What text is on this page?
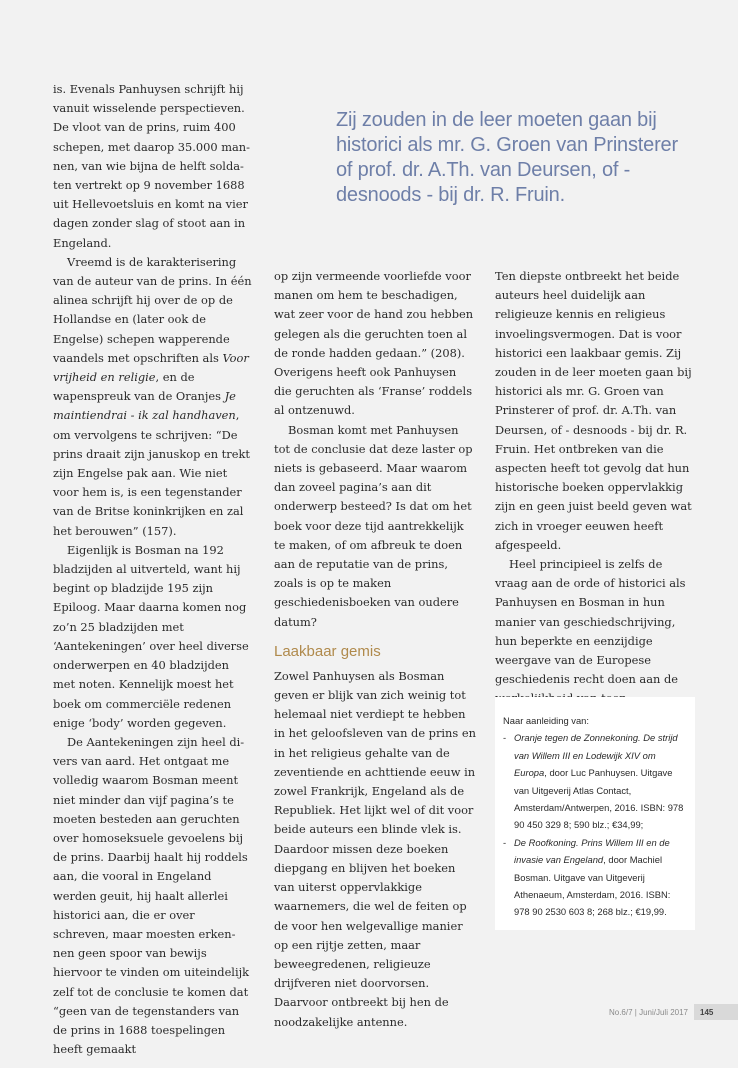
is. Evenals Panhuysen schrijft hij vanuit wisselende perspectieven. De vloot van de prins, ruim 400 schepen, met daarop 35.000 mannen, van wie bijna de helft soldaten vertrekt op 9 november 1688 uit Hellevoetsluis en komt na vier dagen zonder slag of stoot aan in Engeland.

Vreemd is de karakterisering van de auteur van de prins. In één alinea schrijft hij over de op de Hollandse en (later ook de Engelse) schepen wapperende vaandels met opschriften als Voor vrijheid en religie, en de wapenspreuk van de Oranjes Je maintiendrai - ik zal handhaven, om vervolgens te schrijven: “De prins draait zijn januskop en trekt zijn Engelse pak aan. Wie niet voor hem is, is een tegenstander van de Britse koninkrijken en zal het berouwen” (157).

Eigenlijk is Bosman na 192 bladzijden al uitverteld, want hij begint op bladzijde 195 zijn Epiloog. Maar daarna komen nog zo’n 25 bladzijden met ‘Aantekeningen’ over heel diverse onderwerpen en 40 bladzijden met noten. Kennelijk moest het boek om commerciële redenen enige ‘body’ worden gegeven.

De Aantekeningen zijn heel divers van aard. Het ontgaat me volledig waarom Bosman meent niet minder dan vijf pagina’s te moeten besteden aan geruchten over homoseksuele gevoelens bij de prins. Daarbij haalt hij roddels aan, die vooral in Engeland werden geuit, hij haalt allerlei historici aan, die er over schreven, maar moesten erkennen geen spoor van bewijs hiervoor te vinden om uiteindelijk zelf tot de conclusie te komen dat “geen van de tegenstanders van de prins in 1688 toespelingen heeft gemaakt

Zij zouden in de leer moeten gaan bij historici als mr. G. Groen van Prinsterer of prof. dr. A.Th. van Deursen, of - desnoods - bij dr. R. Fruin.

op zijn vermeende voorliefde voor manen om hem te beschadigen, wat zeer voor de hand zou hebben gelegen als die geruchten toen al de ronde hadden gedaan.” (208). Overigens heeft ook Panhuysen die geruchten als ‘Franse’ roddels al ontzenuwd.

Bosman komt met Panhuysen tot de conclusie dat deze laster op niets is gebaseerd. Maar waarom dan zoveel pagina’s aan dit onderwerp besteed? Is dat om het boek voor deze tijd aantrekkelijk te maken, of om afbreuk te doen aan de reputatie van de prins, zoals is op te maken geschiedenisboeken van oudere datum?

Laakbaar gemis

Zowel Panhuysen als Bosman geven er blijk van zich weinig tot helemaal niet verdiept te hebben in het geloofsleven van de prins en in het religieus gehalte van de zeventiende en achttiende eeuw in zowel Frankrijk, Engeland als de Republiek. Het lijkt wel of dit voor beide auteurs een blinde vlek is. Daardoor missen deze boeken diepgang en blijven het boeken van uiterst oppervlakkige waarnemers, die wel de feiten op de voor hen welgevallige manier op een rijtje zetten, maar beweegredenen, religieuze drijfveren niet doorvorsen. Daarvoor ontbreekt bij hen de noodzakelijke antenne.

Ten diepste ontbreekt het beide auteurs heel duidelijk aan religieuze kennis en religieus invoelingsvermogen. Dat is voor historici een laakbaar gemis. Zij zouden in de leer moeten gaan bij historici als mr. G. Groen van Prinsterer of prof. dr. A.Th. van Deursen, of - desnoods - bij dr. R. Fruin. Het ontbreken van die aspecten heeft tot gevolg dat hun historische boeken oppervlakkig zijn en geen juist beeld geven wat zich in vroeger eeuwen heeft afgespeeld.

Heel principieel is zelfs de vraag aan de orde of historici als Panhuysen en Bosman in hun manier van geschiedschrijving, hun beperkte en eenzijdige weergave van de Europese geschiedenis recht doen aan de

Naar aanleiding van:
- Oranje tegen de Zonnekoning. De strijd van Willem III en Lodewijk XIV om Europa, door Luc Panhuysen. Uitgave van Uitgeverij Atlas Contact, Amsterdam/Antwerpen, 2016. ISBN: 978 90 450 329 8; 590 blz.; €34,99;
- De Roofkoning. Prins Willem III en de invasie van Engeland, door Machiel Bosman. Uitgave van Uitgeverij Athenaeum, Amsterdam, 2016. ISBN: 978 90 2530 603 8; 268 blz.; €19,99.
No.6/7 | Juni/Juli 2017	145
